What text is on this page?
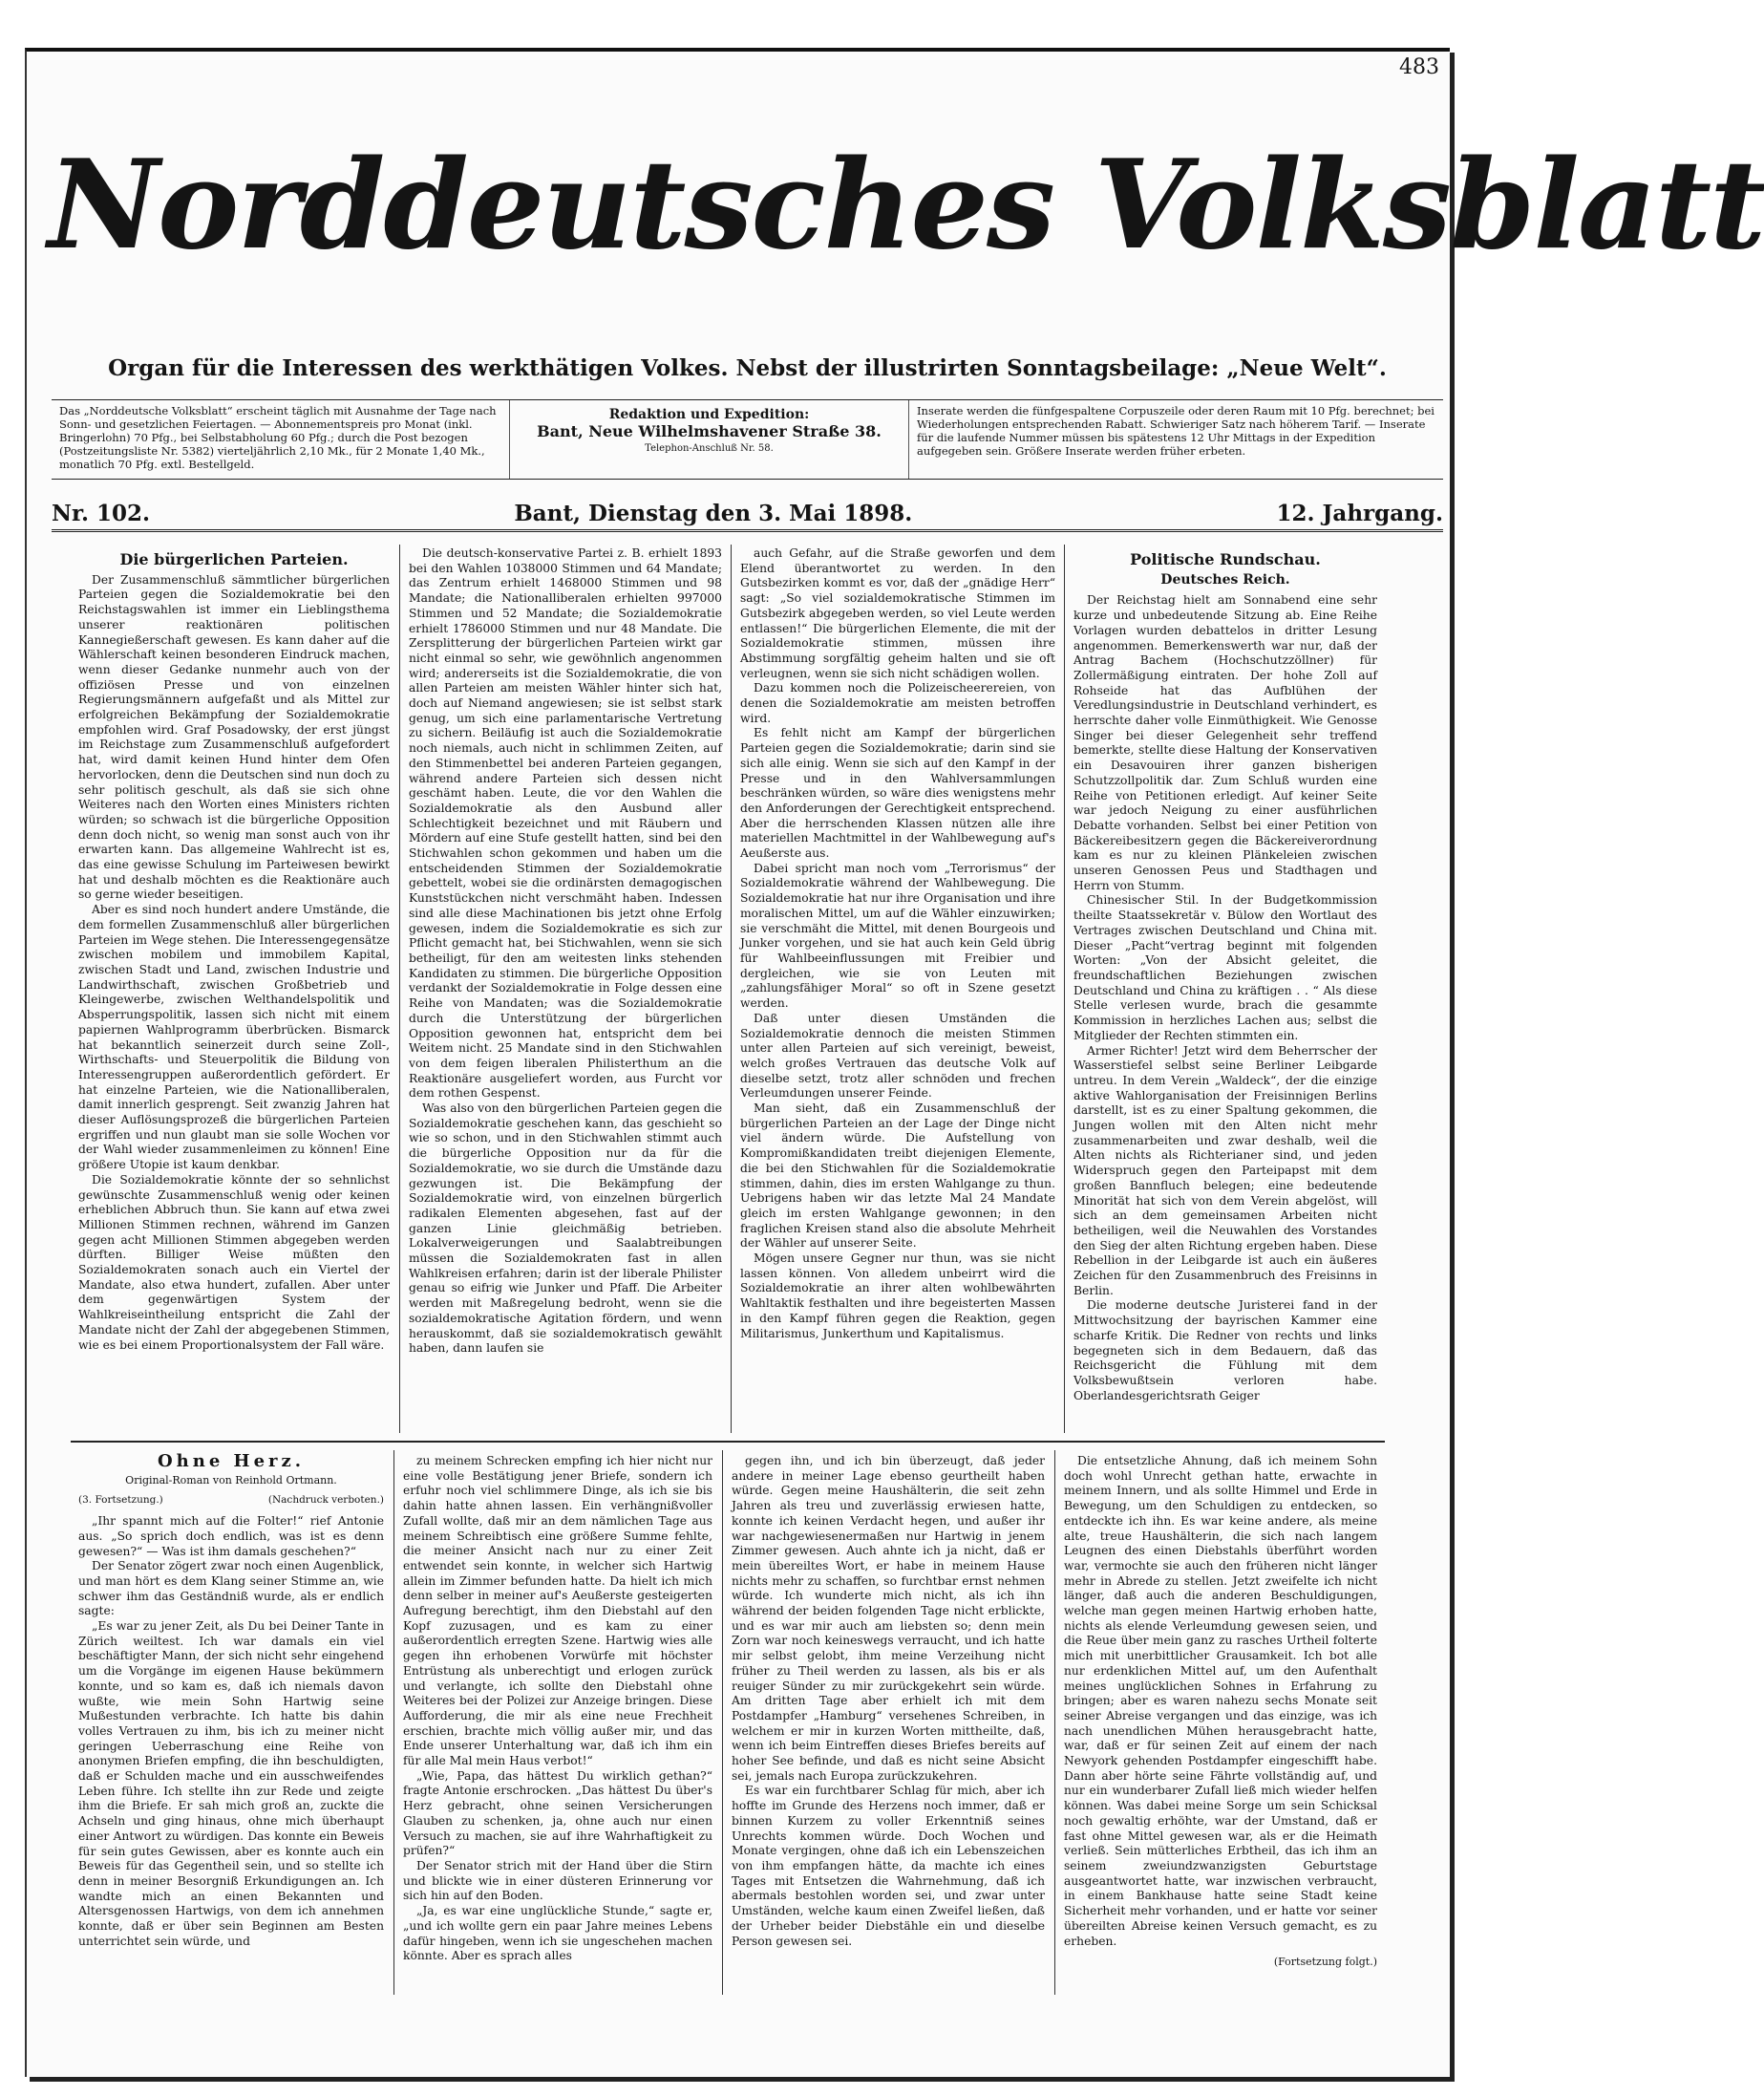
483
Norddeutsches Volksblatt
Organ für die Interessen des werkthätigen Volkes. Nebst der illustrirten Sonntagsbeilage: „Neue Welt“.
Das „Norddeutsche Volksblatt“ erscheint täglich mit Ausnahme der Tage nach Sonn- und gesetzlichen Feiertagen. — Abonnementspreis pro Monat (inkl. Bringerlohn) 70 Pfg., bei Selbstabholung 60 Pfg.; durch die Post bezogen (Postzeitungsliste Nr. 5382) vierteljährlich 2,10 Mk., für 2 Monate 1,40 Mk., monatlich 70 Pfg. extl. Bestellgeld.
Redaktion und Expedition:
Bant, Neue Wilhelmshavener Straße 38.
Telephon-Anschluß Nr. 58.
Inserate werden die fünfgespaltene Corpuszeile oder deren Raum mit 10 Pfg. berechnet; bei Wiederholungen entsprechenden Rabatt. Schwieriger Satz nach höherem Tarif. — Inserate für die laufende Nummer müssen bis spätestens 12 Uhr Mittags in der Expedition aufgegeben sein. Größere Inserate werden früher erbeten.
Nr. 102.	Bant, Dienstag den 3. Mai 1898.	12. Jahrgang.

Die bürgerlichen Parteien.

Der Zusammenschluß sämmtlicher bürgerlichen Parteien gegen die Sozialdemokratie bei den Reichstagswahlen ist immer ein Lieblingsthema unserer reaktionären politischen Kannegießerschaft gewesen. Es kann daher auf die Wählerschaft keinen besonderen Eindruck machen, wenn dieser Gedanke nunmehr auch von der offiziösen Presse und von einzelnen Regierungsmännern aufgefaßt und als Mittel zur erfolgreichen Bekämpfung der Sozialdemokratie empfohlen wird. Graf Posadowsky, der erst jüngst im Reichstage zum Zusammenschluß aufgefordert hat, wird damit keinen Hund hinter dem Ofen hervorlocken, denn die Deutschen sind nun doch zu sehr politisch geschult, als daß sie sich ohne Weiteres nach den Worten eines Ministers richten würden; so schwach ist die bürgerliche Opposition denn doch nicht, so wenig man sonst auch von ihr erwarten kann. Das allgemeine Wahlrecht ist es, das eine gewisse Schulung im Parteiwesen bewirkt hat und deshalb möchten es die Reaktionäre auch so gerne wieder beseitigen.

Aber es sind noch hundert andere Umstände, die dem formellen Zusammenschluß aller bürgerlichen Parteien im Wege stehen. Die Interessengegensätze zwischen mobilem und immobilem Kapital, zwischen Stadt und Land, zwischen Industrie und Landwirthschaft, zwischen Großbetrieb und Kleingewerbe, zwischen Welthandelspolitik und Absperrungspolitik, lassen sich nicht mit einem papiernen Wahlprogramm überbrücken. Bismarck hat bekanntlich seinerzeit durch seine Zoll-, Wirthschafts- und Steuerpolitik die Bildung von Interessengruppen außerordentlich gefördert. Er hat einzelne Parteien, wie die Nationalliberalen, damit innerlich gesprengt. Seit zwanzig Jahren hat dieser Auflösungsprozeß die bürgerlichen Parteien ergriffen und nun glaubt man sie solle Wochen vor der Wahl wieder zusammenleimen zu können! Eine größere Utopie ist kaum denkbar.

Die Sozialdemokratie könnte der so sehnlichst gewünschte Zusammenschluß wenig oder keinen erheblichen Abbruch thun. Sie kann auf etwa zwei Millionen Stimmen rechnen, während im Ganzen gegen acht Millionen Stimmen abgegeben werden dürften. Billiger Weise müßten den Sozialdemokraten sonach auch ein Viertel der Mandate, also etwa hundert, zufallen. Aber unter dem gegenwärtigen System der Wahlkreiseintheilung entspricht die Zahl der Mandate nicht der Zahl der abgegebenen Stimmen, wie es bei einem Proportionalsystem der Fall wäre.

Die deutsch-konservative Partei z. B. erhielt 1893 bei den Wahlen 1038000 Stimmen und 64 Mandate; das Zentrum erhielt 1468000 Stimmen und 98 Mandate; die Nationalliberalen erhielten 997000 Stimmen und 52 Mandate; die Sozialdemokratie erhielt 1786000 Stimmen und nur 48 Mandate. Die Zersplitterung der bürgerlichen Parteien wirkt gar nicht einmal so sehr, wie gewöhnlich angenommen wird; andererseits ist die Sozialdemokratie, die von allen Parteien am meisten Wähler hinter sich hat, doch auf Niemand angewiesen; sie ist selbst stark genug, um sich eine parlamentarische Vertretung zu sichern. Beiläufig ist auch die Sozialdemokratie noch niemals, auch nicht in schlimmen Zeiten, auf den Stimmenbettel bei anderen Parteien gegangen, während andere Parteien sich dessen nicht geschämt haben. Leute, die vor den Wahlen die Sozialdemokratie als den Ausbund aller Schlechtigkeit bezeichnet und mit Räubern und Mördern auf eine Stufe gestellt hatten, sind bei den Stichwahlen schon gekommen und haben um die entscheidenden Stimmen der Sozialdemokratie gebettelt, wobei sie die ordinärsten demagogischen Kunststückchen nicht verschmäht haben. Indessen sind alle diese Machinationen bis jetzt ohne Erfolg gewesen, indem die Sozialdemokratie es sich zur Pflicht gemacht hat, bei Stichwahlen, wenn sie sich betheiligt, für den am weitesten links stehenden Kandidaten zu stimmen. Die bürgerliche Opposition verdankt der Sozialdemokratie in Folge dessen eine Reihe von Mandaten; was die Sozialdemokratie durch die Unterstützung der bürgerlichen Opposition gewonnen hat, entspricht dem bei Weitem nicht. 25 Mandate sind in den Stichwahlen von dem feigen liberalen Philisterthum an die Reaktionäre ausgeliefert worden, aus Furcht vor dem rothen Gespenst.

Was also von den bürgerlichen Parteien gegen die Sozialdemokratie geschehen kann, das geschieht so wie so schon, und in den Stichwahlen stimmt auch die bürgerliche Opposition nur da für die Sozialdemokratie, wo sie durch die Umstände dazu gezwungen ist. Die Bekämpfung der Sozialdemokratie wird, von einzelnen bürgerlich radikalen Elementen abgesehen, fast auf der ganzen Linie gleichmäßig betrieben. Lokalverweigerungen und Saalabtreibungen müssen die Sozialdemokraten fast in allen Wahlkreisen erfahren; darin ist der liberale Philister genau so eifrig wie Junker und Pfaff. Die Arbeiter werden mit Maßregelung bedroht, wenn sie die sozialdemokratische Agitation fördern, und wenn herauskommt, daß sie sozialdemokratisch gewählt haben, dann laufen sie

auch Gefahr, auf die Straße geworfen und dem Elend überantwortet zu werden. In den Gutsbezirken kommt es vor, daß der „gnädige Herr“ sagt: „So viel sozialdemokratische Stimmen im Gutsbezirk abgegeben werden, so viel Leute werden entlassen!“ Die bürgerlichen Elemente, die mit der Sozialdemokratie stimmen, müssen ihre Abstimmung sorgfältig geheim halten und sie oft verleugnen, wenn sie sich nicht schädigen wollen.

Dazu kommen noch die Polizeischeerereien, von denen die Sozialdemokratie am meisten betroffen wird.

Es fehlt nicht am Kampf der bürgerlichen Parteien gegen die Sozialdemokratie; darin sind sie sich alle einig. Wenn sie sich auf den Kampf in der Presse und in den Wahlversammlungen beschränken würden, so wäre dies wenigstens mehr den Anforderungen der Gerechtigkeit entsprechend. Aber die herrschenden Klassen nützen alle ihre materiellen Machtmittel in der Wahlbewegung auf's Aeußerste aus.

Dabei spricht man noch vom „Terrorismus“ der Sozialdemokratie während der Wahlbewegung. Die Sozialdemokratie hat nur ihre Organisation und ihre moralischen Mittel, um auf die Wähler einzuwirken; sie verschmäht die Mittel, mit denen Bourgeois und Junker vorgehen, und sie hat auch kein Geld übrig für Wahlbeeinflussungen mit Freibier und dergleichen, wie sie von Leuten mit „zahlungsfähiger Moral“ so oft in Szene gesetzt werden.

Daß unter diesen Umständen die Sozialdemokratie dennoch die meisten Stimmen unter allen Parteien auf sich vereinigt, beweist, welch großes Vertrauen das deutsche Volk auf dieselbe setzt, trotz aller schnöden und frechen Verleumdungen unserer Feinde.

Man sieht, daß ein Zusammenschluß der bürgerlichen Parteien an der Lage der Dinge nicht viel ändern würde. Die Aufstellung von Kompromißkandidaten treibt diejenigen Elemente, die bei den Stichwahlen für die Sozialdemokratie stimmen, dahin, dies im ersten Wahlgange zu thun. Uebrigens haben wir das letzte Mal 24 Mandate gleich im ersten Wahlgange gewonnen; in den fraglichen Kreisen stand also die absolute Mehrheit der Wähler auf unserer Seite.

Mögen unsere Gegner nur thun, was sie nicht lassen können. Von alledem unbeirrt wird die Sozialdemokratie an ihrer alten wohlbewährten Wahltaktik festhalten und ihre begeisterten Massen in den Kampf führen gegen die Reaktion, gegen Militarismus, Junkerthum und Kapitalismus.

Politische Rundschau.

Deutsches Reich.

Der Reichstag hielt am Sonnabend eine sehr kurze und unbedeutende Sitzung ab. Eine Reihe Vorlagen wurden debattelos in dritter Lesung angenommen. Bemerkenswerth war nur, daß der Antrag Bachem (Hochschutzzöllner) für Zollermäßigung eintraten. Der hohe Zoll auf Rohseide hat das Aufblühen der Veredlungsindustrie in Deutschland verhindert, es herrschte daher volle Einmüthigkeit. Wie Genosse Singer bei dieser Gelegenheit sehr treffend bemerkte, stellte diese Haltung der Konservativen ein Desavouiren ihrer ganzen bisherigen Schutzzollpolitik dar. Zum Schluß wurden eine Reihe von Petitionen erledigt. Auf keiner Seite war jedoch Neigung zu einer ausführlichen Debatte vorhanden. Selbst bei einer Petition von Bäckereibesitzern gegen die Bäckereiverordnung kam es nur zu kleinen Plänkeleien zwischen unseren Genossen Peus und Stadthagen und Herrn von Stumm.

Chinesischer Stil. In der Budgetkommission theilte Staatssekretär v. Bülow den Wortlaut des Vertrages zwischen Deutschland und China mit. Dieser „Pacht“vertrag beginnt mit folgenden Worten: „Von der Absicht geleitet, die freundschaftlichen Beziehungen zwischen Deutschland und China zu kräftigen . . “ Als diese Stelle verlesen wurde, brach die gesammte Kommission in herzliches Lachen aus; selbst die Mitglieder der Rechten stimmten ein.

Armer Richter! Jetzt wird dem Beherrscher der Wasserstiefel selbst seine Berliner Leibgarde untreu. In dem Verein „Waldeck“, der die einzige aktive Wahlorganisation der Freisinnigen Berlins darstellt, ist es zu einer Spaltung gekommen, die Jungen wollen mit den Alten nicht mehr zusammenarbeiten und zwar deshalb, weil die Alten nichts als Richterianer sind, und jeden Widerspruch gegen den Parteipapst mit dem großen Bannfluch belegen; eine bedeutende Minorität hat sich von dem Verein abgelöst, will sich an dem gemeinsamen Arbeiten nicht betheiligen, weil die Neuwahlen des Vorstandes den Sieg der alten Richtung ergeben haben. Diese Rebellion in der Leibgarde ist auch ein äußeres Zeichen für den Zusammenbruch des Freisinns in Berlin.

Die moderne deutsche Juristerei fand in der Mittwochsitzung der bayrischen Kammer eine scharfe Kritik. Die Redner von rechts und links begegneten sich in dem Bedauern, daß das Reichsgericht die Fühlung mit dem Volksbewußtsein verloren habe. Oberlandesgerichtsrath Geiger

Ohne Herz.
Original-Roman von Reinhold Ortmann.
(3. Fortsetzung.)	(Nachdruck verboten.)

„Ihr spannt mich auf die Folter!“ rief Antonie aus. „So sprich doch endlich, was ist es denn gewesen?“ — Was ist ihm damals geschehen?“

Der Senator zögert zwar noch einen Augenblick, und man hört es dem Klang seiner Stimme an, wie schwer ihm das Geständniß wurde, als er endlich sagte:

„Es war zu jener Zeit, als Du bei Deiner Tante in Zürich weiltest. Ich war damals ein viel beschäftigter Mann, der sich nicht sehr eingehend um die Vorgänge im eigenen Hause bekümmern konnte, und so kam es, daß ich niemals davon wußte, wie mein Sohn Hartwig seine Mußestunden verbrachte. Ich hatte bis dahin volles Vertrauen zu ihm, bis ich zu meiner nicht geringen Ueberraschung eine Reihe von anonymen Briefen empfing, die ihn beschuldigten, daß er Schulden mache und ein ausschweifendes Leben führe. Ich stellte ihn zur Rede und zeigte ihm die Briefe. Er sah mich groß an, zuckte die Achseln und ging hinaus, ohne mich überhaupt einer Antwort zu würdigen. Das konnte ein Beweis für sein gutes Gewissen, aber es konnte auch ein Beweis für das Gegentheil sein, und so stellte ich denn in meiner Besorgniß Erkundigungen an. Ich wandte mich an einen Bekannten und Altersgenossen Hartwigs, von dem ich annehmen konnte, daß er über sein Beginnen am Besten unterrichtet sein würde, und

zu meinem Schrecken empfing ich hier nicht nur eine volle Bestätigung jener Briefe, sondern ich erfuhr noch viel schlimmere Dinge, als ich sie bis dahin hatte ahnen lassen. Ein verhängnißvoller Zufall wollte, daß mir an dem nämlichen Tage aus meinem Schreibtisch eine größere Summe fehlte, die meiner Ansicht nach nur zu einer Zeit entwendet sein konnte, in welcher sich Hartwig allein im Zimmer befunden hatte. Da hielt ich mich denn selber in meiner auf's Aeußerste gesteigerten Aufregung berechtigt, ihm den Diebstahl auf den Kopf zuzusagen, und es kam zu einer außerordentlich erregten Szene. Hartwig wies alle gegen ihn erhobenen Vorwürfe mit höchster Entrüstung als unberechtigt und erlogen zurück und verlangte, ich sollte den Diebstahl ohne Weiteres bei der Polizei zur Anzeige bringen. Diese Aufforderung, die mir als eine neue Frechheit erschien, brachte mich völlig außer mir, und das Ende unserer Unterhaltung war, daß ich ihm ein für alle Mal mein Haus verbot!“

„Wie, Papa, das hättest Du wirklich gethan?“ fragte Antonie erschrocken. „Das hättest Du über's Herz gebracht, ohne seinen Versicherungen Glauben zu schenken, ja, ohne auch nur einen Versuch zu machen, sie auf ihre Wahrhaftigkeit zu prüfen?“

Der Senator strich mit der Hand über die Stirn und blickte wie in einer düsteren Erinnerung vor sich hin auf den Boden.

„Ja, es war eine unglückliche Stunde,“ sagte er, „und ich wollte gern ein paar Jahre meines Lebens dafür hingeben, wenn ich sie ungeschehen machen könnte. Aber es sprach alles

gegen ihn, und ich bin überzeugt, daß jeder andere in meiner Lage ebenso geurtheilt haben würde. Gegen meine Haushälterin, die seit zehn Jahren als treu und zuverlässig erwiesen hatte, konnte ich keinen Verdacht hegen, und außer ihr war nachgewiesenermaßen nur Hartwig in jenem Zimmer gewesen. Auch ahnte ich ja nicht, daß er mein übereiltes Wort, er habe in meinem Hause nichts mehr zu schaffen, so furchtbar ernst nehmen würde. Ich wunderte mich nicht, als ich ihn während der beiden folgenden Tage nicht erblickte, und es war mir auch am liebsten so; denn mein Zorn war noch keineswegs verraucht, und ich hatte mir selbst gelobt, ihm meine Verzeihung nicht früher zu Theil werden zu lassen, als bis er als reuiger Sünder zu mir zurückgekehrt sein würde. Am dritten Tage aber erhielt ich mit dem Postdampfer „Hamburg“ versehenes Schreiben, in welchem er mir in kurzen Worten mittheilte, daß, wenn ich beim Eintreffen dieses Briefes bereits auf hoher See befinde, und daß es nicht seine Absicht sei, jemals nach Europa zurückzukehren.

Es war ein furchtbarer Schlag für mich, aber ich hoffte im Grunde des Herzens noch immer, daß er binnen Kurzem zu voller Erkenntniß seines Unrechts kommen würde. Doch Wochen und Monate vergingen, ohne daß ich ein Lebenszeichen von ihm empfangen hätte, da machte ich eines Tages mit Entsetzen die Wahrnehmung, daß ich abermals bestohlen worden sei, und zwar unter Umständen, welche kaum einen Zweifel ließen, daß der Urheber beider Diebstähle ein und dieselbe Person gewesen sei.

Die entsetzliche Ahnung, daß ich meinem Sohn doch wohl Unrecht gethan hatte, erwachte in meinem Innern, und als sollte Himmel und Erde in Bewegung, um den Schuldigen zu entdecken, so entdeckte ich ihn. Es war keine andere, als meine alte, treue Haushälterin, die sich nach langem Leugnen des einen Diebstahls überführt worden war, vermochte sie auch den früheren nicht länger mehr in Abrede zu stellen. Jetzt zweifelte ich nicht länger, daß auch die anderen Beschuldigungen, welche man gegen meinen Hartwig erhoben hatte, nichts als elende Verleumdung gewesen seien, und die Reue über mein ganz zu rasches Urtheil folterte mich mit unerbittlicher Grausamkeit. Ich bot alle nur erdenklichen Mittel auf, um den Aufenthalt meines unglücklichen Sohnes in Erfahrung zu bringen; aber es waren nahezu sechs Monate seit seiner Abreise vergangen und das einzige, was ich nach unendlichen Mühen herausgebracht hatte, war, daß er für seinen Zeit auf einem der nach Newyork gehenden Postdampfer eingeschifft habe. Dann aber hörte seine Fährte vollständig auf, und nur ein wunderbarer Zufall ließ mich wieder helfen können. Was dabei meine Sorge um sein Schicksal noch gewaltig erhöhte, war der Umstand, daß er fast ohne Mittel gewesen war, als er die Heimath verließ. Sein mütterliches Erbtheil, das ich ihm an seinem zweiundzwanzigsten Geburtstage ausgeantwortet hatte, war inzwischen verbraucht, in einem Bankhause hatte seine Stadt keine Sicherheit mehr vorhanden, und er hatte vor seiner übereilten Abreise keinen Versuch gemacht, es zu erheben.

(Fortsetzung folgt.)
